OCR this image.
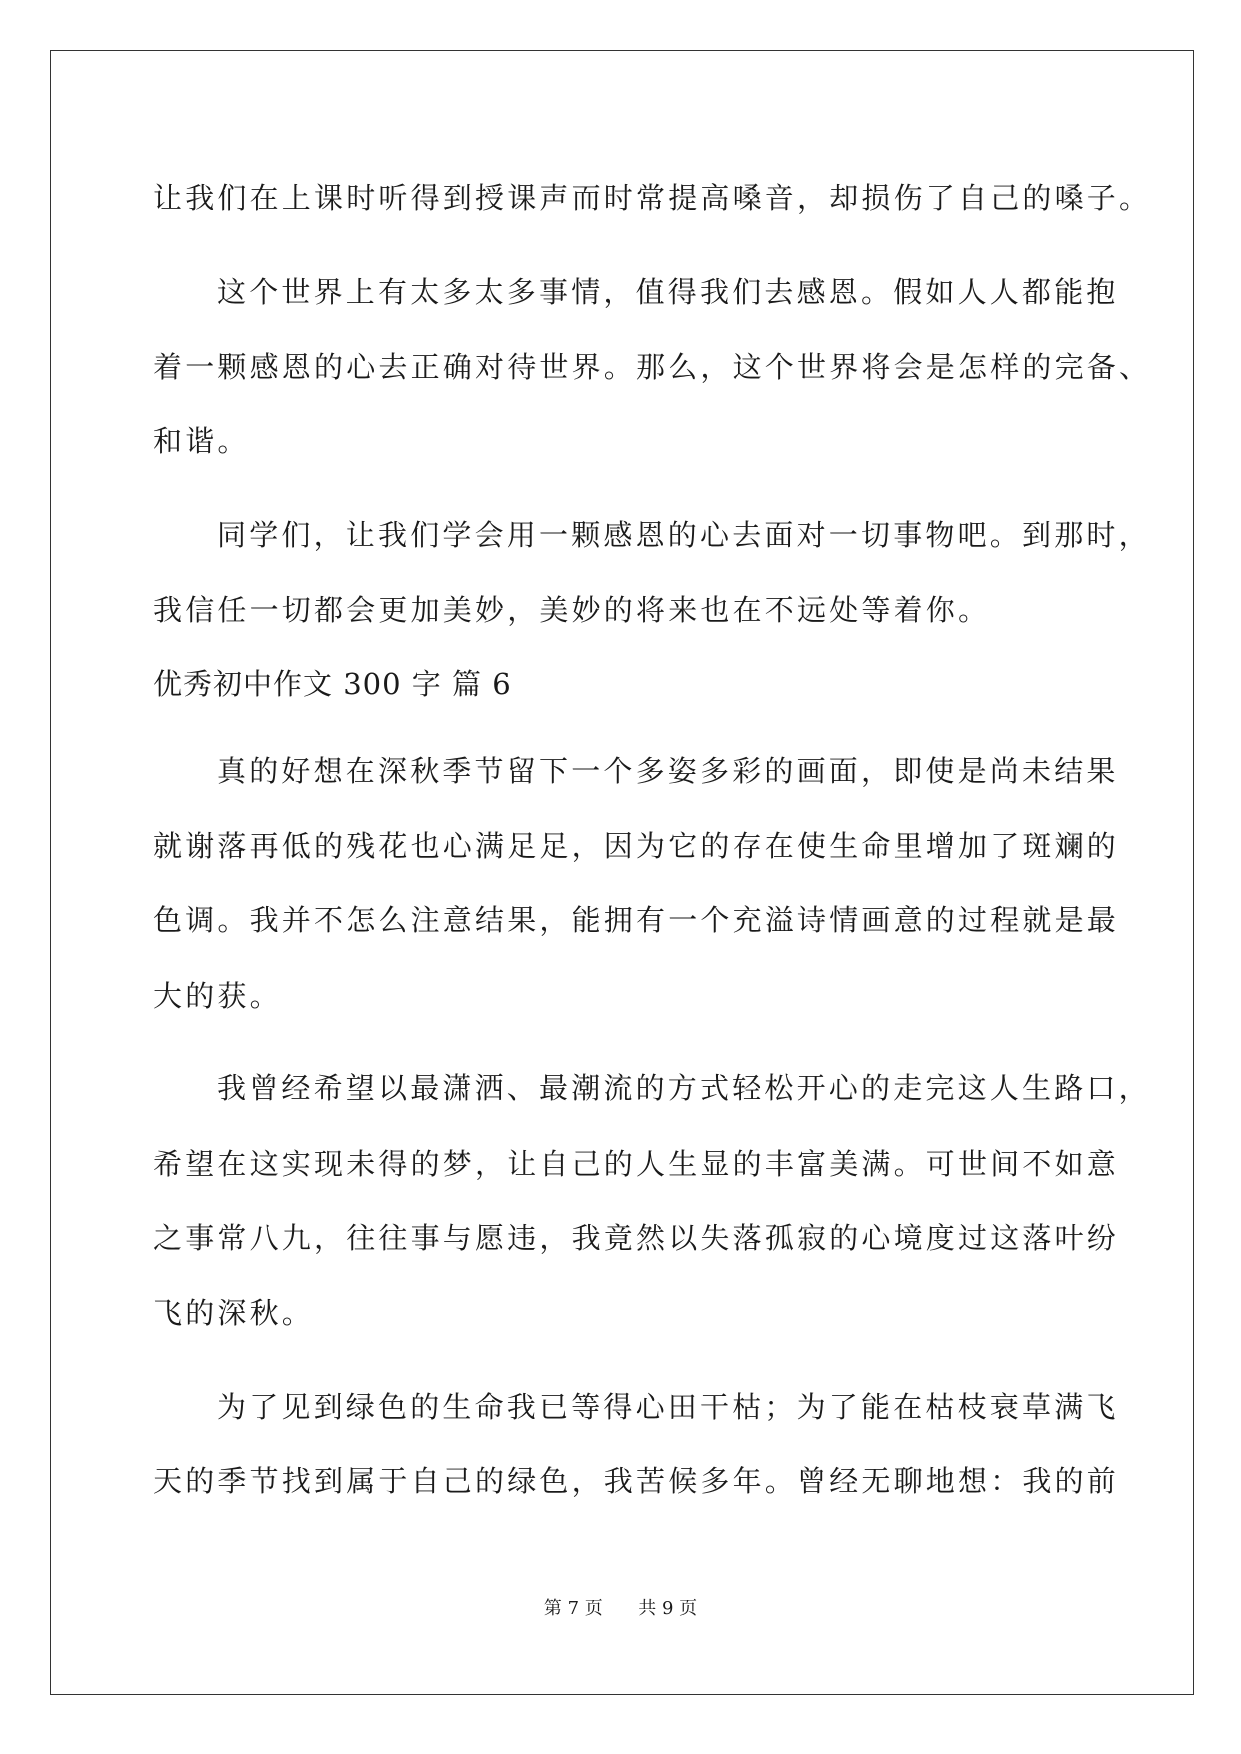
让我们在上课时听得到授课声而时常提高嗓音，却损伤了自己的嗓子。
这个世界上有太多太多事情，值得我们去感恩。假如人人都能抱
着一颗感恩的心去正确对待世界。那么，这个世界将会是怎样的完备、
和谐。
同学们，让我们学会用一颗感恩的心去面对一切事物吧。到那时，
我信任一切都会更加美妙，美妙的将来也在不远处等着你。
优秀初中作文 300 字 篇 6
真的好想在深秋季节留下一个多姿多彩的画面，即使是尚未结果
就谢落再低的残花也心满足足，因为它的存在使生命里增加了斑斓的
色调。我并不怎么注意结果，能拥有一个充溢诗情画意的过程就是最
大的获。
我曾经希望以最潇洒、最潮流的方式轻松开心的走完这人生路口，
希望在这实现未得的梦，让自己的人生显的丰富美满。可世间不如意
之事常八九，往往事与愿违，我竟然以失落孤寂的心境度过这落叶纷
飞的深秋。
为了见到绿色的生命我已等得心田干枯；为了能在枯枝衰草满飞
天的季节找到属于自己的绿色，我苦候多年。曾经无聊地想：我的前
第 7 页 共 9 页
